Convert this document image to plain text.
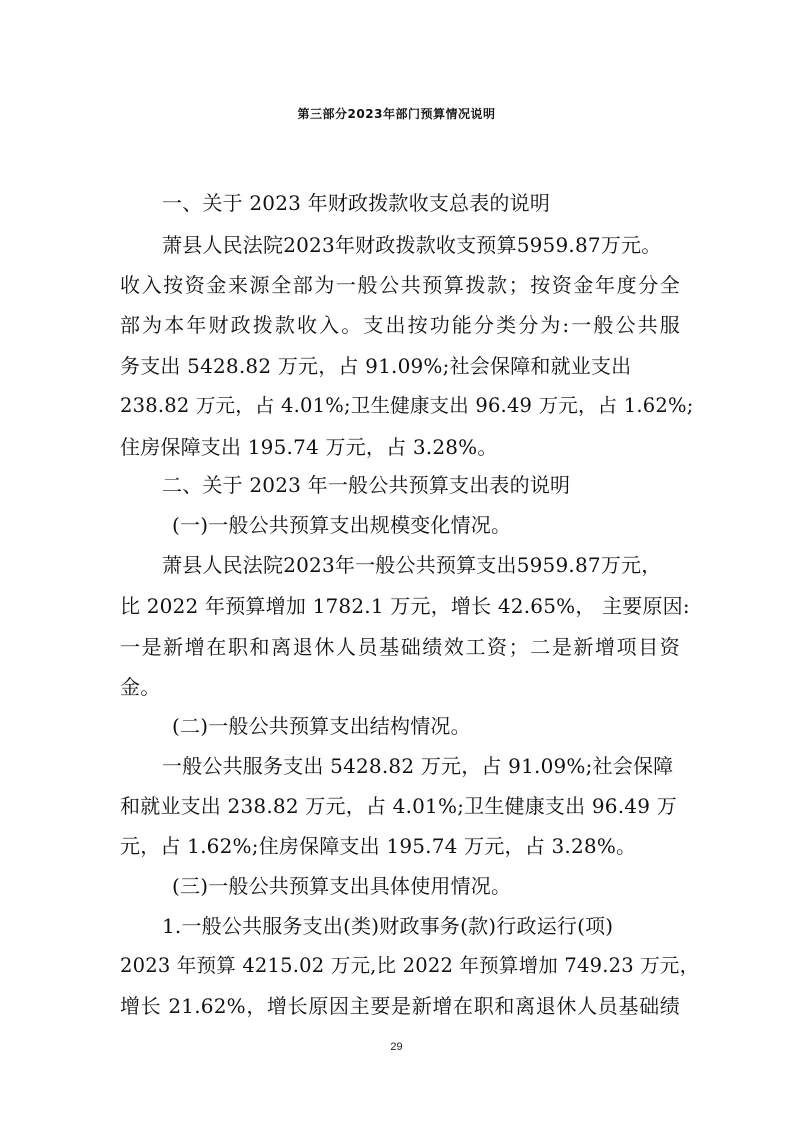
第三部分2023年部门预算情况说明
一、关于 2023 年财政拨款收支总表的说明
萧县人民法院2023年财政拨款收支预算5959.87万元。
收入按资金来源全部为一般公共预算拨款；按资金年度分全
部为本年财政拨款收入。支出按功能分类分为:一般公共服
务支出 5428.82 万元，占 91.09%;社会保障和就业支出
238.82 万元，占 4.01%;卫生健康支出 96.49 万元，占 1.62%;
住房保障支出 195.74 万元，占 3.28%。
二、关于 2023 年一般公共预算支出表的说明
(一)一般公共预算支出规模变化情况。
萧县人民法院2023年一般公共预算支出5959.87万元，
比 2022 年预算增加 1782.1 万元，增长 42.65%， 主要原因:
一是新增在职和离退休人员基础绩效工资；二是新增项目资
金。
(二)一般公共预算支出结构情况。
一般公共服务支出 5428.82 万元，占 91.09%;社会保障
和就业支出 238.82 万元，占 4.01%;卫生健康支出 96.49 万
元，占 1.62%;住房保障支出 195.74 万元，占 3.28%。
(三)一般公共预算支出具体使用情况。
1.一般公共服务支出(类)财政事务(款)行政运行(项)
2023 年预算 4215.02 万元,比 2022 年预算增加 749.23 万元，
增长 21.62%，增长原因主要是新增在职和离退休人员基础绩
29
